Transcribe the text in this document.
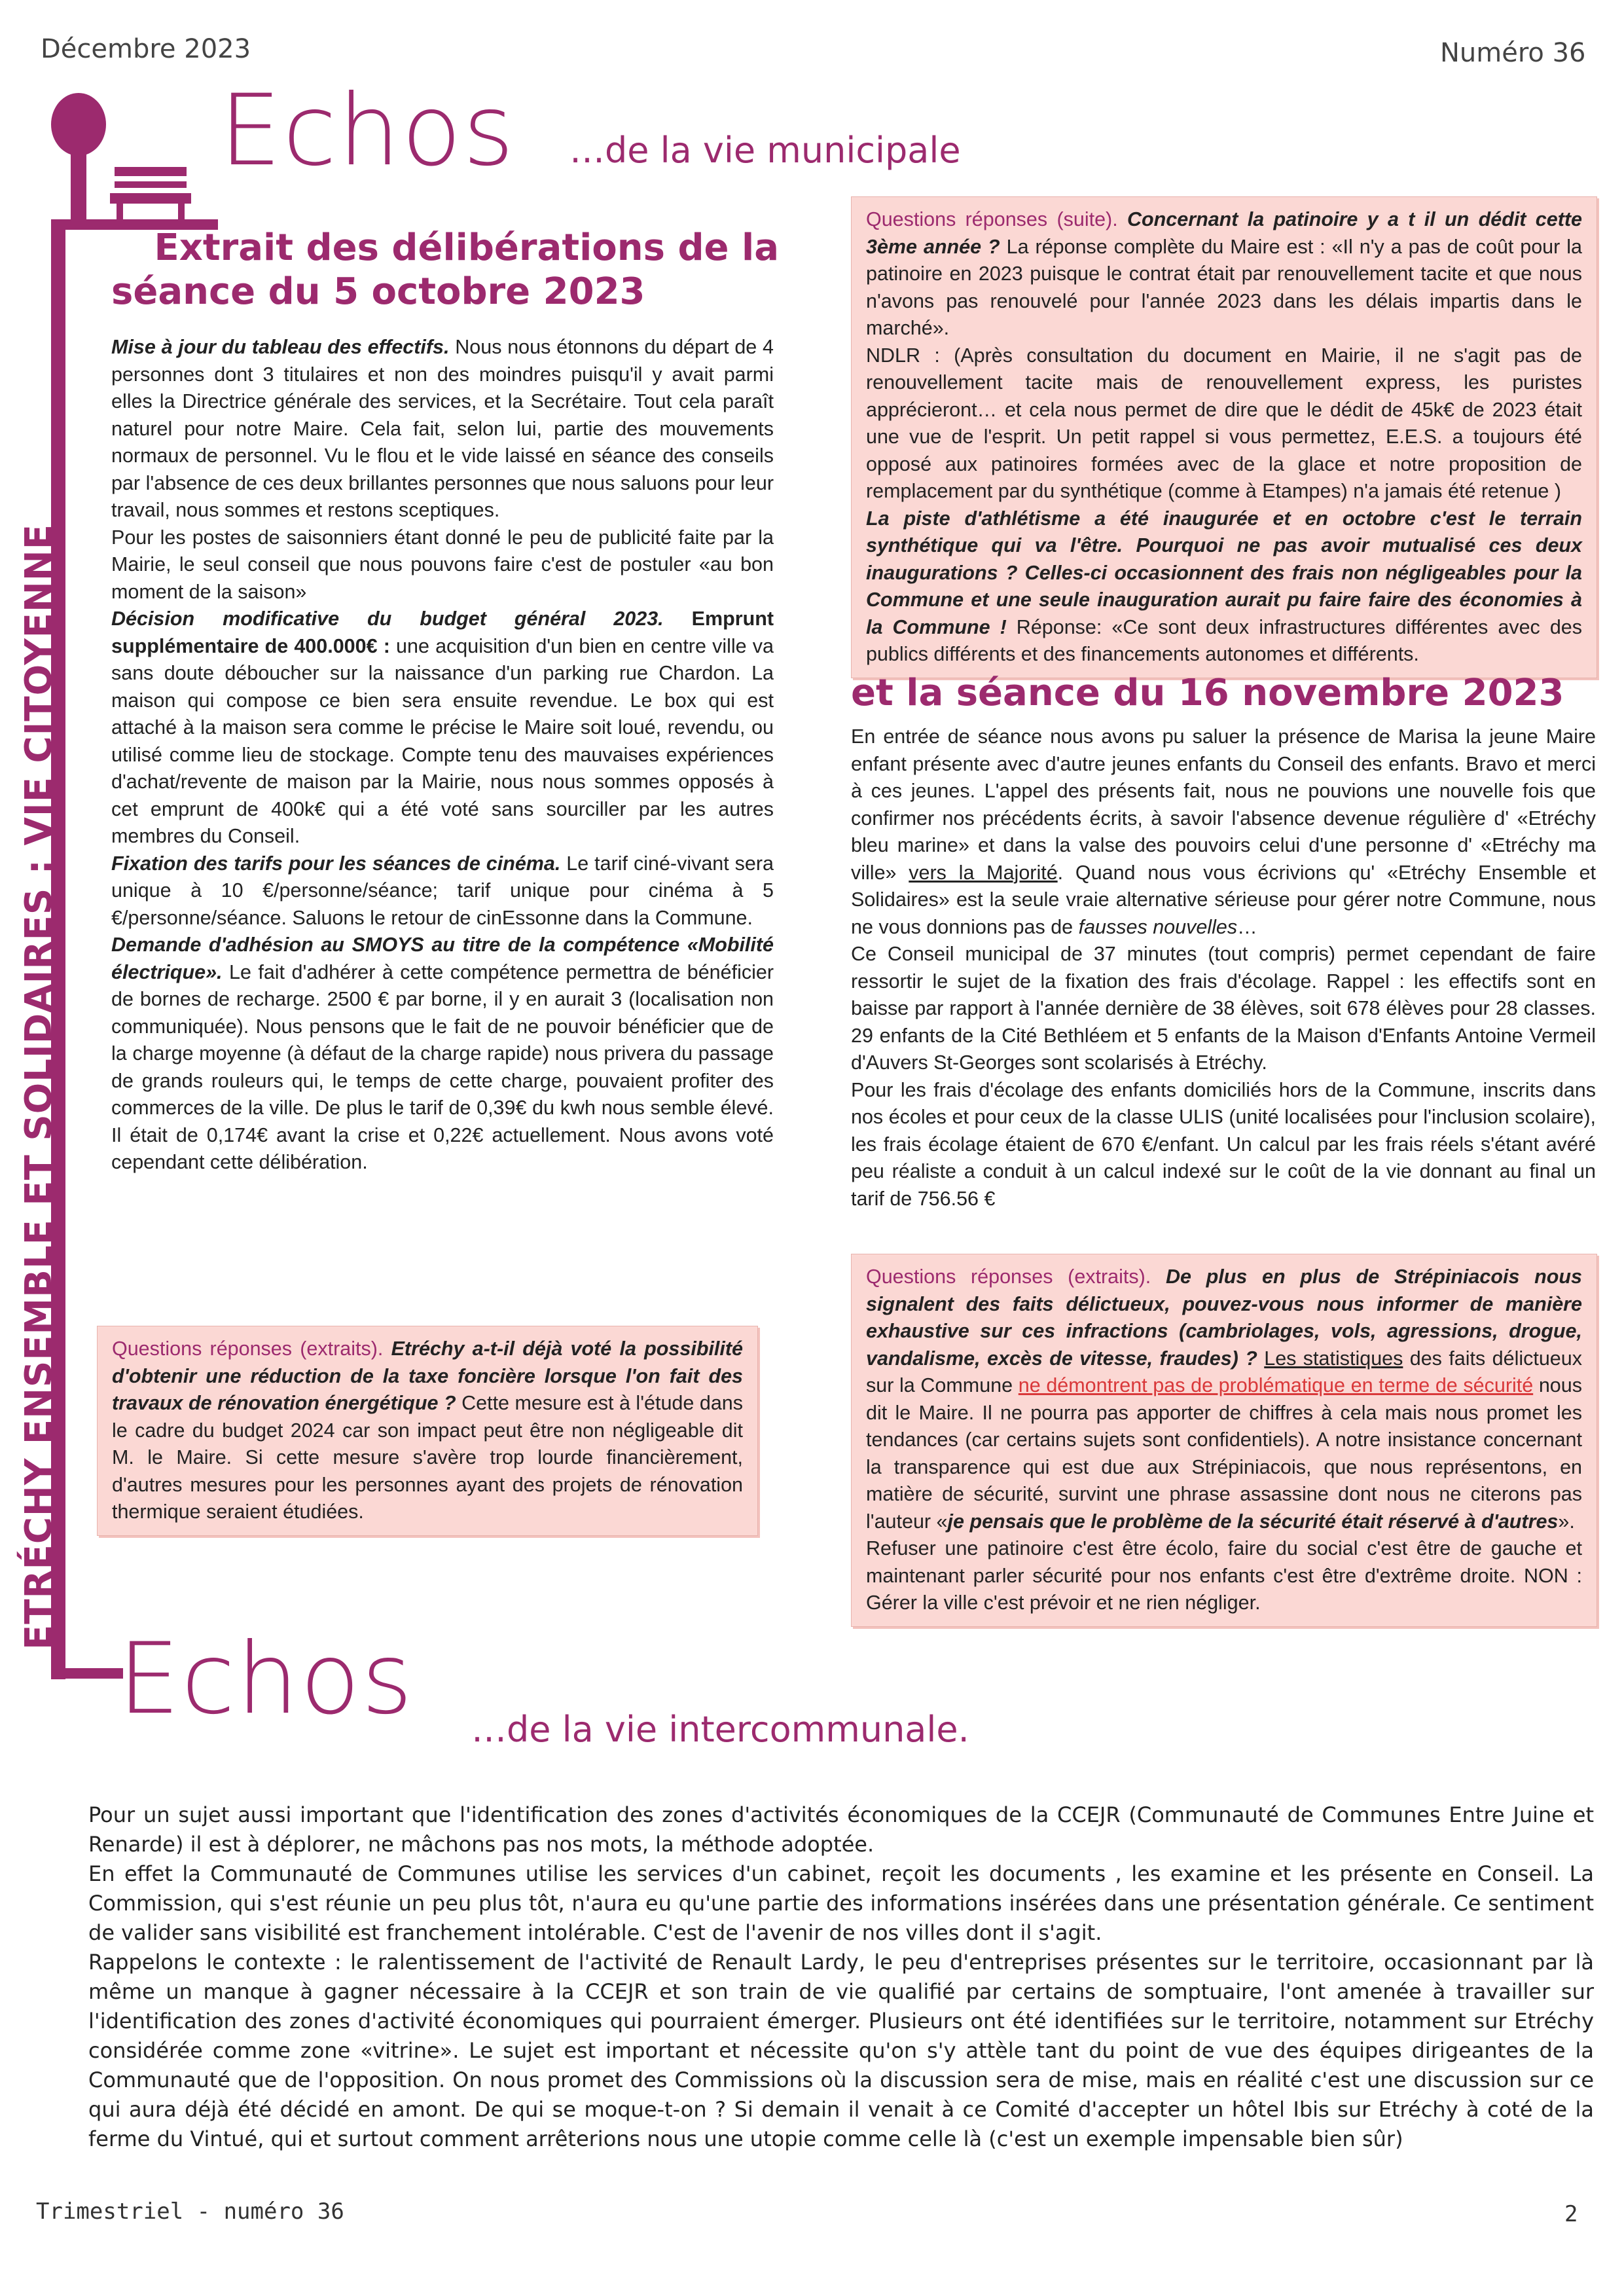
Décembre 2023	Numéro 36
ETRÉCHY ENSEMBLE ET SOLIDAIRES : VIE CITOYENNE
Echos …de la vie municipale
Extrait des délibérations de la
séance du 5 octobre 2023

Mise à jour du tableau des effectifs. Nous nous étonnons du départ de 4 personnes dont 3 titulaires et non des moindres puisqu'il y avait parmi elles la Directrice générale des services, et la Secrétaire. Tout cela paraît naturel pour notre Maire. Cela fait, selon lui, partie des mouvements normaux de personnel. Vu le flou et le vide laissé en séance des conseils par l'absence de ces deux brillantes personnes que nous saluons pour leur travail, nous sommes et restons sceptiques.

Pour les postes de saisonniers étant donné le peu de publicité faite par la Mairie, le seul conseil que nous pouvons faire c'est de postuler «au bon moment de la saison»

Décision modificative du budget général 2023. Emprunt supplémentaire de 400.000€ : une acquisition d'un bien en centre ville va sans doute déboucher sur la naissance d'un parking rue Chardon. La maison qui compose ce bien sera ensuite revendue. Le box qui est attaché à la maison sera comme le précise le Maire soit loué, revendu, ou utilisé comme lieu de stockage. Compte tenu des mauvaises expériences d'achat/revente de maison par la Mairie, nous nous sommes opposés à cet emprunt de 400k€ qui a été voté sans sourciller par les autres membres du Conseil.

Fixation des tarifs pour les séances de cinéma. Le tarif ciné-vivant sera unique à 10 €/personne/séance; tarif unique pour cinéma à 5 €/personne/séance. Saluons le retour de cinEssonne dans la Commune.

Demande d'adhésion au SMOYS au titre de la compétence «Mobilité électrique». Le fait d'adhérer à cette compétence permettra de bénéficier de bornes de recharge. 2500 € par borne, il y en aurait 3 (localisation non communiquée). Nous pensons que le fait de ne pouvoir bénéficier que de la charge moyenne (à défaut de la charge rapide) nous privera du passage de grands rouleurs qui, le temps de cette charge, pouvaient profiter des commerces de la ville. De plus le tarif de 0,39€ du kwh nous semble élevé. Il était de 0,174€ avant la crise et 0,22€ actuellement. Nous avons voté cependant cette délibération.

Questions réponses (extraits). Etréchy a-t-il déjà voté la possibilité d'obtenir une réduction de la taxe foncière lorsque l'on fait des travaux de rénovation énergétique ? Cette mesure est à l'étude dans le cadre du budget 2024 car son impact peut être non négligeable dit M. le Maire. Si cette mesure s'avère trop lourde financièrement, d'autres mesures pour les personnes ayant des projets de rénovation thermique seraient étudiées.

Questions réponses (suite). Concernant la patinoire y a t il un dédit cette 3ème année ? La réponse complète du Maire est : «Il n'y a pas de coût pour la patinoire en 2023 puisque le contrat était par renouvellement tacite et que nous n'avons pas renouvelé pour l'année 2023 dans les délais impartis dans le marché».

NDLR : (Après consultation du document en Mairie, il ne s'agit pas de renouvellement tacite mais de renouvellement express, les puristes apprécieront… et cela nous permet de dire que le dédit de 45k€ de 2023 était une vue de l'esprit. Un petit rappel si vous permettez, E.E.S. a toujours été opposé aux patinoires formées avec de la glace et notre proposition de remplacement par du synthétique (comme à Etampes) n'a jamais été retenue )

La piste d'athlétisme a été inaugurée et en octobre c'est le terrain synthétique qui va l'être. Pourquoi ne pas avoir mutualisé ces deux inaugurations ? Celles-ci occasionnent des frais non négligeables pour la Commune et une seule inauguration aurait pu faire faire des économies à la Commune ! Réponse: «Ce sont deux infrastructures différentes avec des publics différents et des financements autonomes et différents.

et la séance du 16 novembre 2023

En entrée de séance nous avons pu saluer la présence de Marisa la jeune Maire enfant présente avec d'autre jeunes enfants du Conseil des enfants. Bravo et merci à ces jeunes. L'appel des présents fait, nous ne pouvions une nouvelle fois que confirmer nos précédents écrits, à savoir l'absence devenue régulière d' «Etréchy bleu marine» et dans la valse des pouvoirs celui d'une personne d' «Etréchy ma ville» vers la Majorité. Quand nous vous écrivions qu' «Etréchy Ensemble et Solidaires» est la seule vraie alternative sérieuse pour gérer notre Commune, nous ne vous donnions pas de fausses nouvelles…

Ce Conseil municipal de 37 minutes (tout compris) permet cependant de faire ressortir le sujet de la fixation des frais d'écolage. Rappel : les effectifs sont en baisse par rapport à l'année dernière de 38 élèves, soit 678 élèves pour 28 classes. 29 enfants de la Cité Bethléem et 5 enfants de la Maison d'Enfants Antoine Vermeil d'Auvers St-Georges sont scolarisés à Etréchy.

Pour les frais d'écolage des enfants domiciliés hors de la Commune, inscrits dans nos écoles et pour ceux de la classe ULIS (unité localisées pour l'inclusion scolaire), les frais écolage étaient de 670 €/enfant. Un calcul par les frais réels s'étant avéré peu réaliste a conduit à un calcul indexé sur le coût de la vie donnant au final un tarif de 756.56 €

Questions réponses (extraits). De plus en plus de Strépiniacois nous signalent des faits délictueux, pouvez-vous nous informer de manière exhaustive sur ces infractions (cambriolages, vols, agressions, drogue, vandalisme, excès de vitesse, fraudes) ? Les statistiques des faits délictueux sur la Commune ne démontrent pas de problématique en terme de sécurité nous dit le Maire. Il ne pourra pas apporter de chiffres à cela mais nous promet les tendances (car certains sujets sont confidentiels). A notre insistance concernant la transparence qui est due aux Strépiniacois, que nous représentons, en matière de sécurité, survint une phrase assassine dont nous ne citerons pas l'auteur «je pensais que le problème de la sécurité était réservé à d'autres».

Refuser une patinoire c'est être écolo, faire du social c'est être de gauche et maintenant parler sécurité pour nos enfants c'est être d'extrême droite. NON : Gérer la ville c'est prévoir et ne rien négliger.

Echos …de la vie intercommunale.

Pour un sujet aussi important que l'identification des zones d'activités économiques de la CCEJR (Communauté de Communes Entre Juine et Renarde) il est à déplorer, ne mâchons pas nos mots, la méthode adoptée.

En effet la Communauté de Communes utilise les services d'un cabinet, reçoit les documents , les examine et les présente en Conseil. La Commission, qui s'est réunie un peu plus tôt, n'aura eu qu'une partie des informations insérées dans une présentation générale. Ce sentiment de valider sans visibilité est franchement intolérable. C'est de l'avenir de nos villes dont il s'agit.

Rappelons le contexte : le ralentissement de l'activité de Renault Lardy, le peu d'entreprises présentes sur le territoire, occasionnant par là même un manque à gagner nécessaire à la CCEJR et son train de vie qualifié par certains de somptuaire, l'ont amenée à travailler sur l'identification des zones d'activité économiques qui pourraient émerger. Plusieurs ont été identifiées sur le territoire, notamment sur Etréchy considérée comme zone «vitrine». Le sujet est important et nécessite qu'on s'y attèle tant du point de vue des équipes dirigeantes de la Communauté que de l'opposition. On nous promet des Commissions où la discussion sera de mise, mais en réalité c'est une discussion sur ce qui aura déjà été décidé en amont. De qui se moque-t-on ? Si demain il venait à ce Comité d'accepter un hôtel Ibis sur Etréchy à coté de la ferme du Vintué, qui et surtout comment arrêterions nous une utopie comme celle là (c'est un exemple impensable bien sûr)

Trimestriel - numéro 36	2
